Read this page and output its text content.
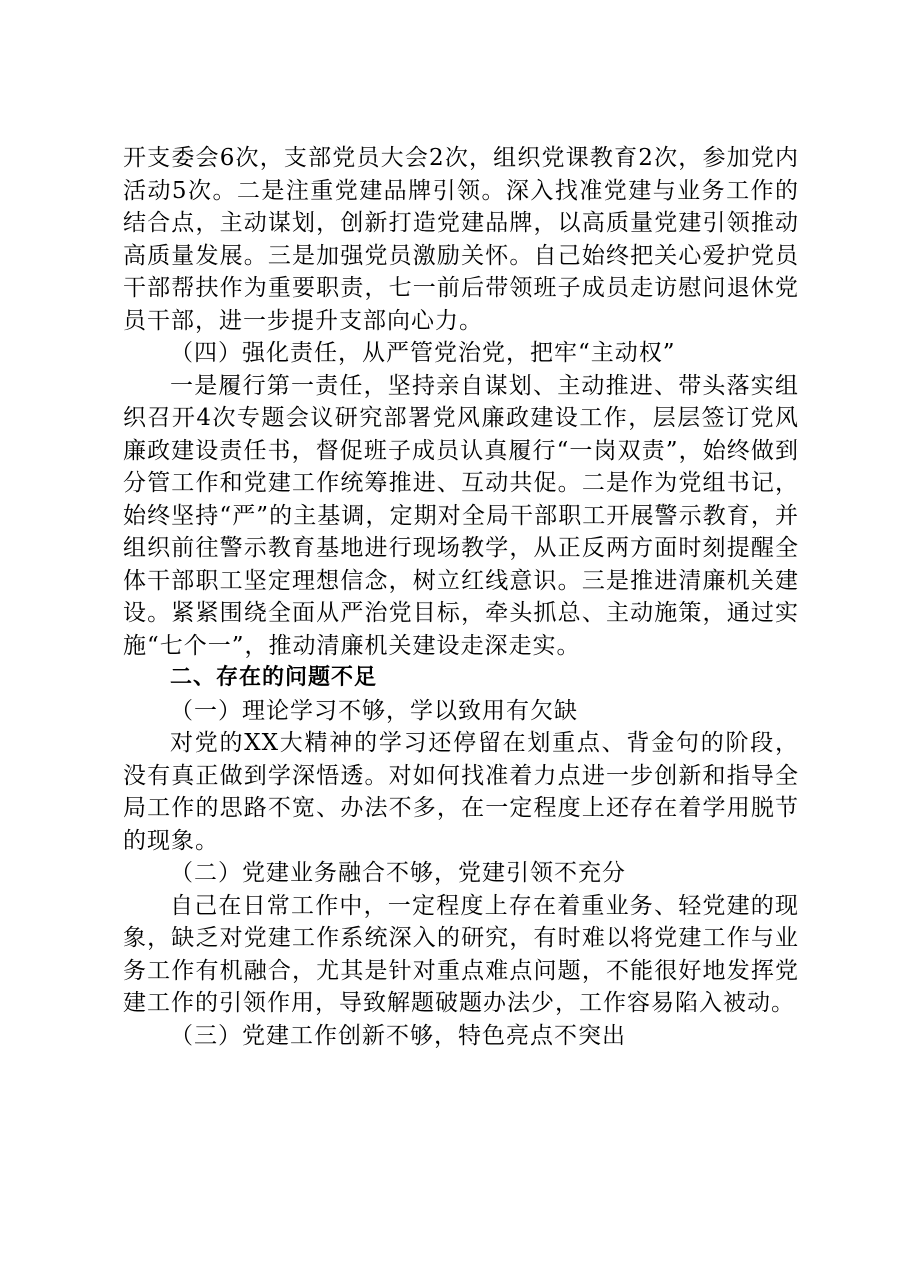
开支委会6次，支部党员大会2次，组织党课教育2次，参加党内活动5次。二是注重党建品牌引领。深入找准党建与业务工作的结合点，主动谋划，创新打造党建品牌，以高质量党建引领推动高质量发展。三是加强党员激励关怀。自己始终把关心爱护党员干部帮扶作为重要职责，七一前后带领班子成员走访慰问退休党员干部，进一步提升支部向心力。

（四）强化责任，从严管党治党，把牢“主动权”

一是履行第一责任，坚持亲自谋划、主动推进、带头落实组织召开4次专题会议研究部署党风廉政建设工作，层层签订党风廉政建设责任书，督促班子成员认真履行“一岗双责”，始终做到分管工作和党建工作统筹推进、互动共促。二是作为党组书记，始终坚持“严”的主基调，定期对全局干部职工开展警示教育，并组织前往警示教育基地进行现场教学，从正反两方面时刻提醒全体干部职工坚定理想信念，树立红线意识。三是推进清廉机关建设。紧紧围绕全面从严治党目标，牵头抓总、主动施策，通过实施“七个一”，推动清廉机关建设走深走实。

二、存在的问题不足

（一）理论学习不够，学以致用有欠缺

对党的XX大精神的学习还停留在划重点、背金句的阶段，没有真正做到学深悟透。对如何找准着力点进一步创新和指导全局工作的思路不宽、办法不多，在一定程度上还存在着学用脱节的现象。

（二）党建业务融合不够，党建引领不充分

自己在日常工作中，一定程度上存在着重业务、轻党建的现象，缺乏对党建工作系统深入的研究，有时难以将党建工作与业务工作有机融合，尤其是针对重点难点问题，不能很好地发挥党建工作的引领作用，导致解题破题办法少，工作容易陷入被动。

（三）党建工作创新不够，特色亮点不突出
